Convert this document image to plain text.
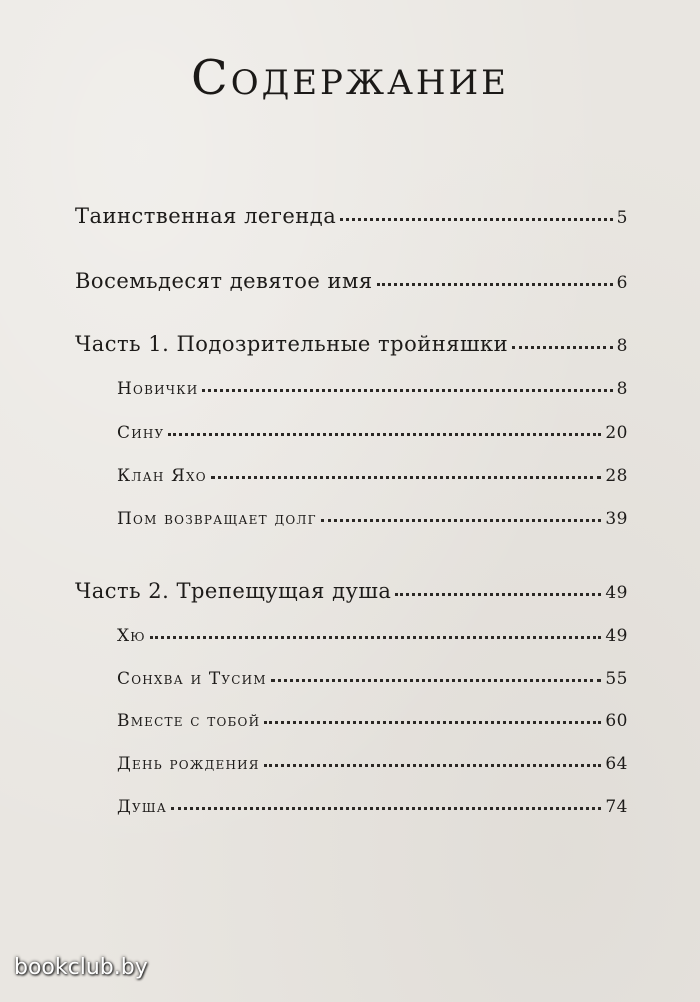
Содержание
Таинственная легенда	5
Восемьдесят девятое имя	6
Часть 1. Подозрительные тройняшки	8
Новички	8
Сину	20
Клан Яхо	28
Пом возвращает долг	39
Часть 2. Трепещущая душа	49
Хю	49
Сонхва и Тусим	55
Вместе с тобой	60
День рождения	64
Душа	74
bookclub.by
